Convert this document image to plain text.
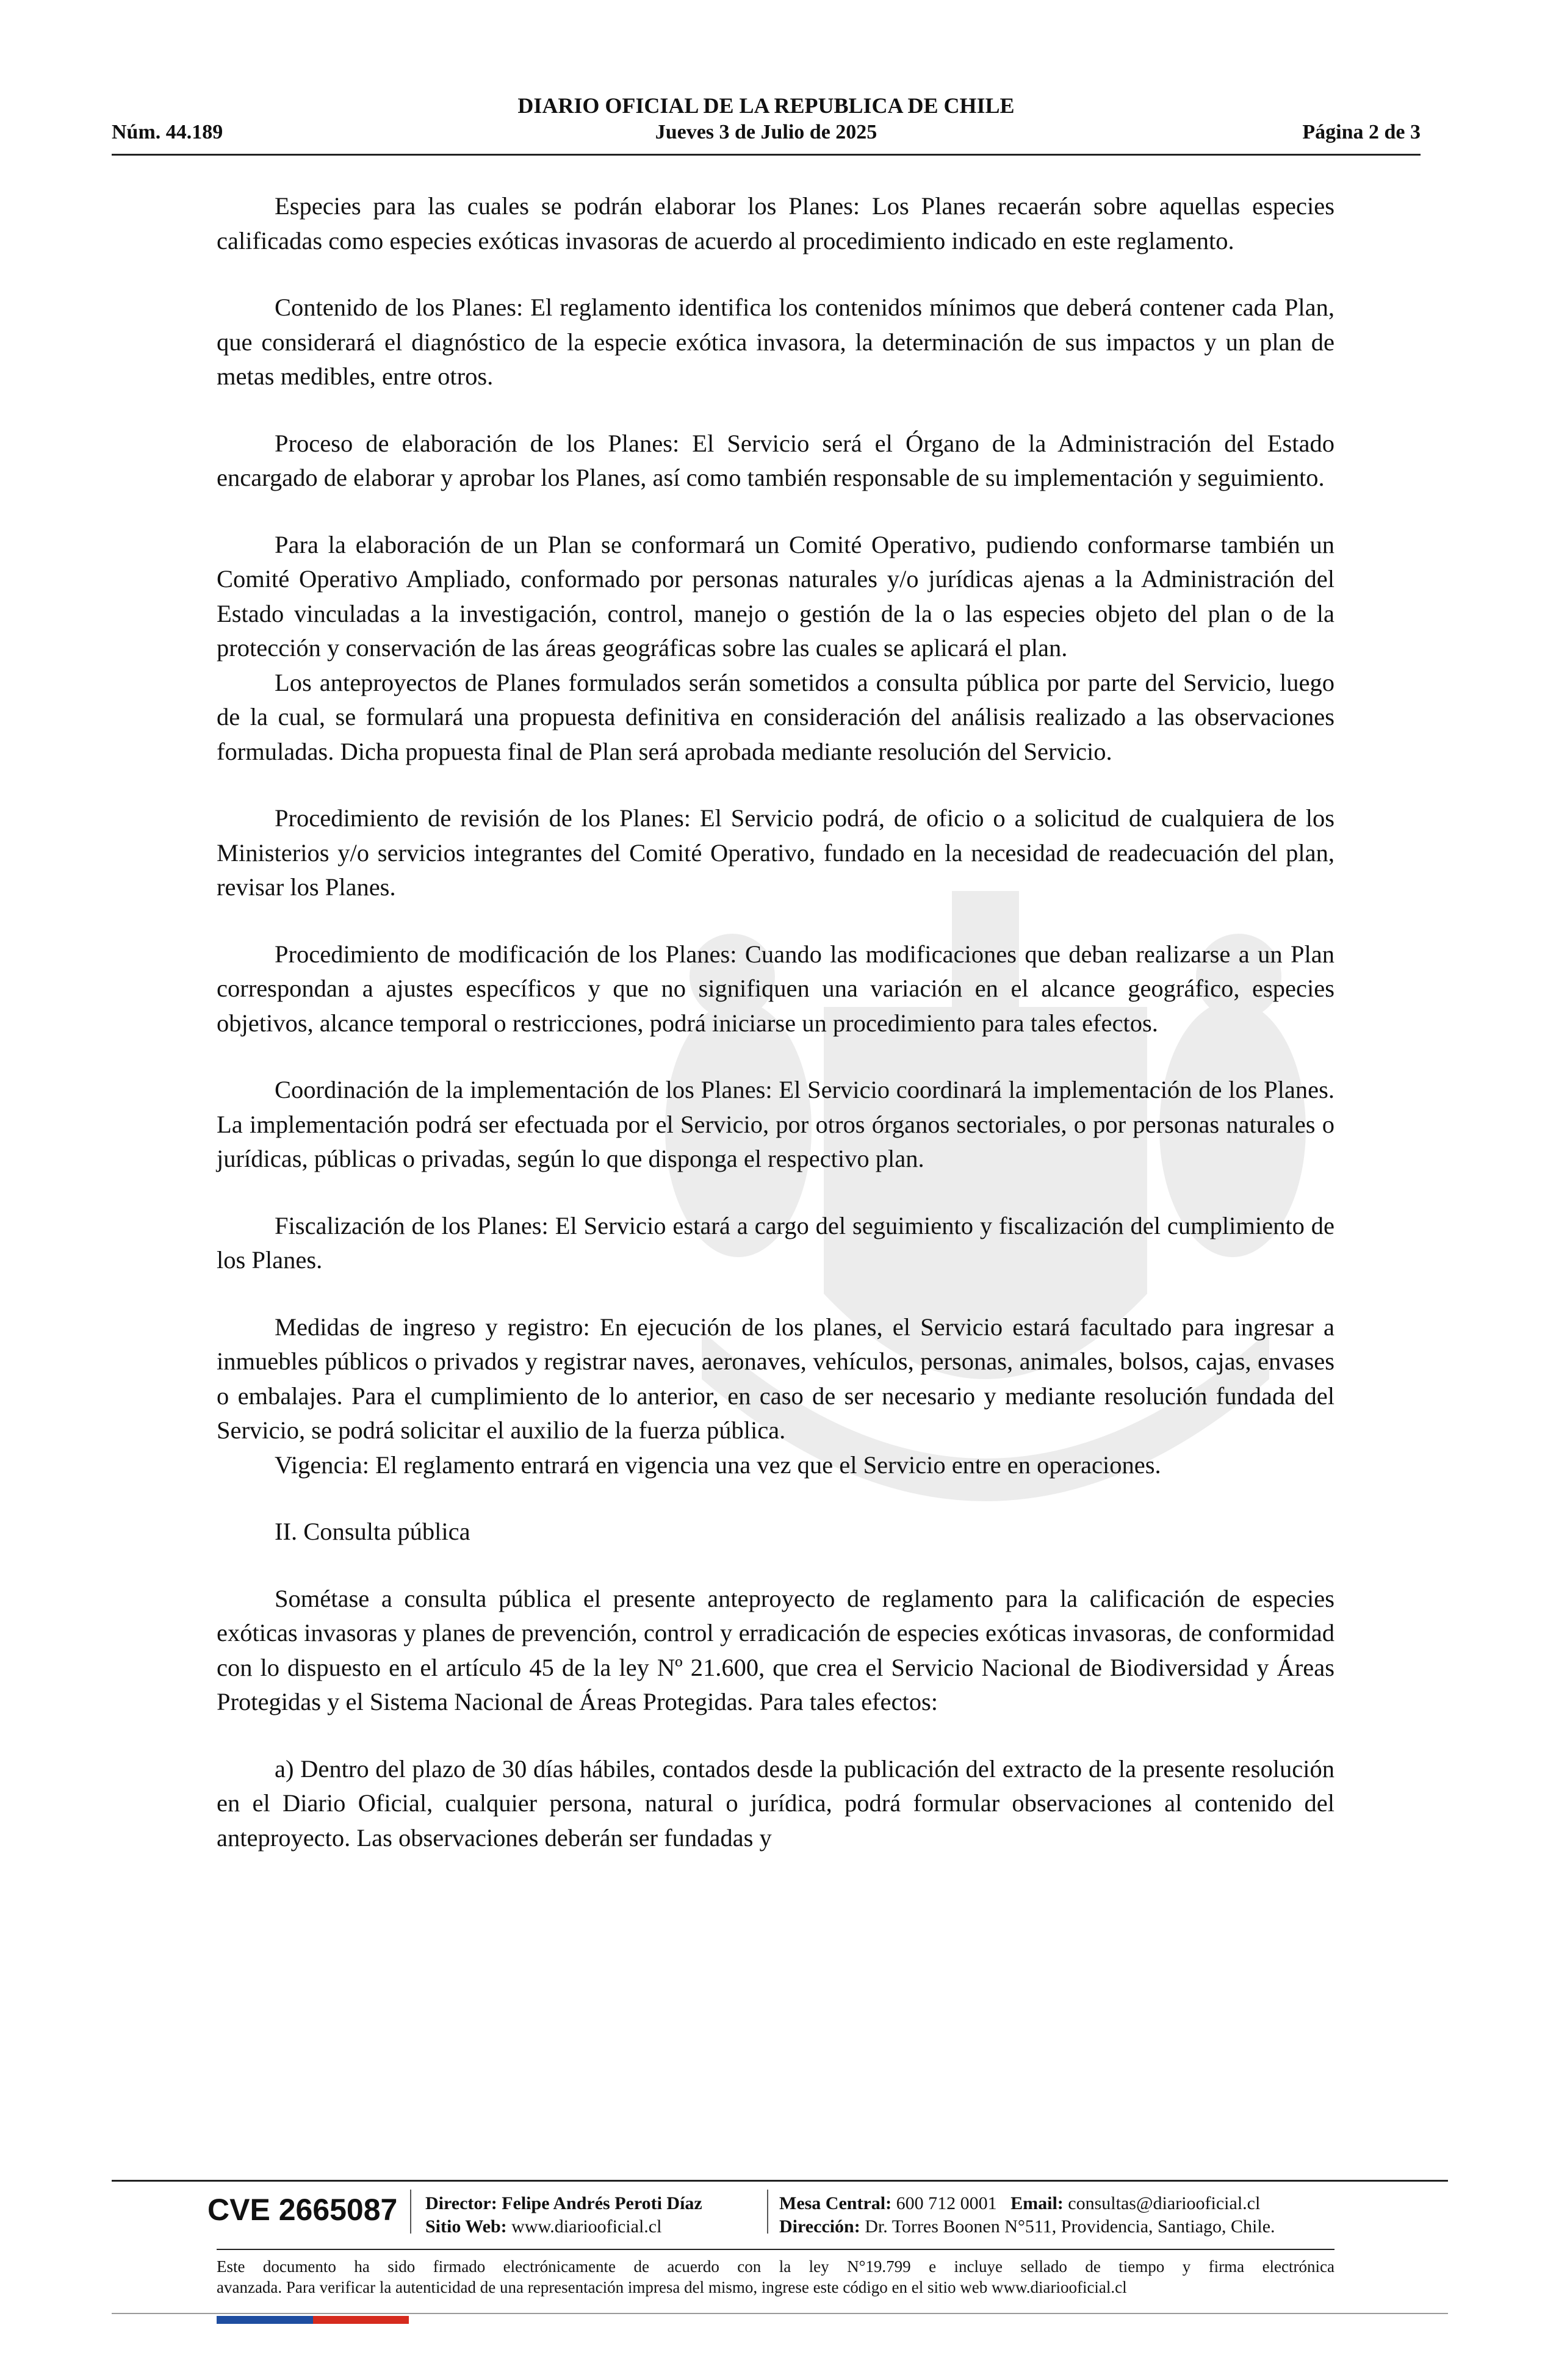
DIARIO OFICIAL DE LA REPUBLICA DE CHILE
Núm. 44.189	Jueves 3 de Julio de 2025	Página 2 de 3

Especies para las cuales se podrán elaborar los Planes: Los Planes recaerán sobre aquellas especies calificadas como especies exóticas invasoras de acuerdo al procedimiento indicado en este reglamento.

Contenido de los Planes: El reglamento identifica los contenidos mínimos que deberá contener cada Plan, que considerará el diagnóstico de la especie exótica invasora, la determinación de sus impactos y un plan de metas medibles, entre otros.

Proceso de elaboración de los Planes: El Servicio será el Órgano de la Administración del Estado encargado de elaborar y aprobar los Planes, así como también responsable de su implementación y seguimiento.

Para la elaboración de un Plan se conformará un Comité Operativo, pudiendo conformarse también un Comité Operativo Ampliado, conformado por personas naturales y/o jurídicas ajenas a la Administración del Estado vinculadas a la investigación, control, manejo o gestión de la o las especies objeto del plan o de la protección y conservación de las áreas geográficas sobre las cuales se aplicará el plan.

Los anteproyectos de Planes formulados serán sometidos a consulta pública por parte del Servicio, luego de la cual, se formulará una propuesta definitiva en consideración del análisis realizado a las observaciones formuladas. Dicha propuesta final de Plan será aprobada mediante resolución del Servicio.

Procedimiento de revisión de los Planes: El Servicio podrá, de oficio o a solicitud de cualquiera de los Ministerios y/o servicios integrantes del Comité Operativo, fundado en la necesidad de readecuación del plan, revisar los Planes.

Procedimiento de modificación de los Planes: Cuando las modificaciones que deban realizarse a un Plan correspondan a ajustes específicos y que no signifiquen una variación en el alcance geográfico, especies objetivos, alcance temporal o restricciones, podrá iniciarse un procedimiento para tales efectos.

Coordinación de la implementación de los Planes: El Servicio coordinará la implementación de los Planes. La implementación podrá ser efectuada por el Servicio, por otros órganos sectoriales, o por personas naturales o jurídicas, públicas o privadas, según lo que disponga el respectivo plan.

Fiscalización de los Planes: El Servicio estará a cargo del seguimiento y fiscalización del cumplimiento de los Planes.

Medidas de ingreso y registro: En ejecución de los planes, el Servicio estará facultado para ingresar a inmuebles públicos o privados y registrar naves, aeronaves, vehículos, personas, animales, bolsos, cajas, envases o embalajes. Para el cumplimiento de lo anterior, en caso de ser necesario y mediante resolución fundada del Servicio, se podrá solicitar el auxilio de la fuerza pública.

Vigencia: El reglamento entrará en vigencia una vez que el Servicio entre en operaciones.

II. Consulta pública

Sométase a consulta pública el presente anteproyecto de reglamento para la calificación de especies exóticas invasoras y planes de prevención, control y erradicación de especies exóticas invasoras, de conformidad con lo dispuesto en el artículo 45 de la ley Nº 21.600, que crea el Servicio Nacional de Biodiversidad y Áreas Protegidas y el Sistema Nacional de Áreas Protegidas. Para tales efectos:

a) Dentro del plazo de 30 días hábiles, contados desde la publicación del extracto de la presente resolución en el Diario Oficial, cualquier persona, natural o jurídica, podrá formular observaciones al contenido del anteproyecto. Las observaciones deberán ser fundadas y

CVE 2665087 Director: Felipe Andrés Peroti Díaz
Sitio Web: www.diariooficial.cl
Mesa Central: 600 712 0001 Email: consultas@diariooficial.cl
Dirección: Dr. Torres Boonen N°511, Providencia, Santiago, Chile.
Este documento ha sido firmado electrónicamente de acuerdo con la ley N°19.799 e incluye sellado de tiempo y firma electrónica
avanzada. Para verificar la autenticidad de una representación impresa del mismo, ingrese este código en el sitio web www.diariooficial.cl
